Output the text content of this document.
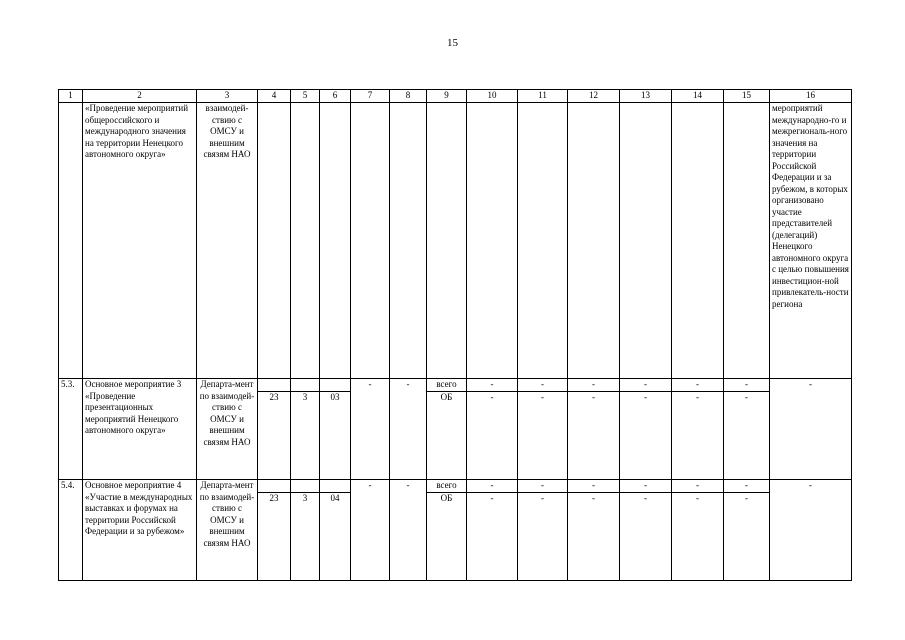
15
1	2	3	4	5	6	7	8	9	10	11	12	13	14	15	16
	«Проведение мероприятий общероссийского и международного значения на территории Ненецкого автономного округа»	взаимодей-ствию с ОМСУ и внешним связям НАО													мероприятий международно-го и межрегиональ-ного значения на территории Российской Федерации и за рубежом, в которых организовано участие представителей (делегаций) Ненецкого автономного округа с целью повышения инвестицион-ной привлекатель-ности региона
5.3.	Основное мероприятие 3 «Проведение презентационных мероприятий Ненецкого автономного округа»	Департа-мент по взаимодей-ствию с ОМСУ и внешним связям НАО				-	-	всего	-	-	-	-	-	-	-
			23	3	03			ОБ	-	-	-	-	-	-	
5.4.	Основное мероприятие 4 «Участие в международных выставках и форумах на территории Российской Федерации и за рубежом»	Департа-мент по взаимодей-ствию с ОМСУ и внешним связям НАО				-	-	всего	-	-	-	-	-	-	-
			23	3	04			ОБ	-	-	-	-	-	-	
